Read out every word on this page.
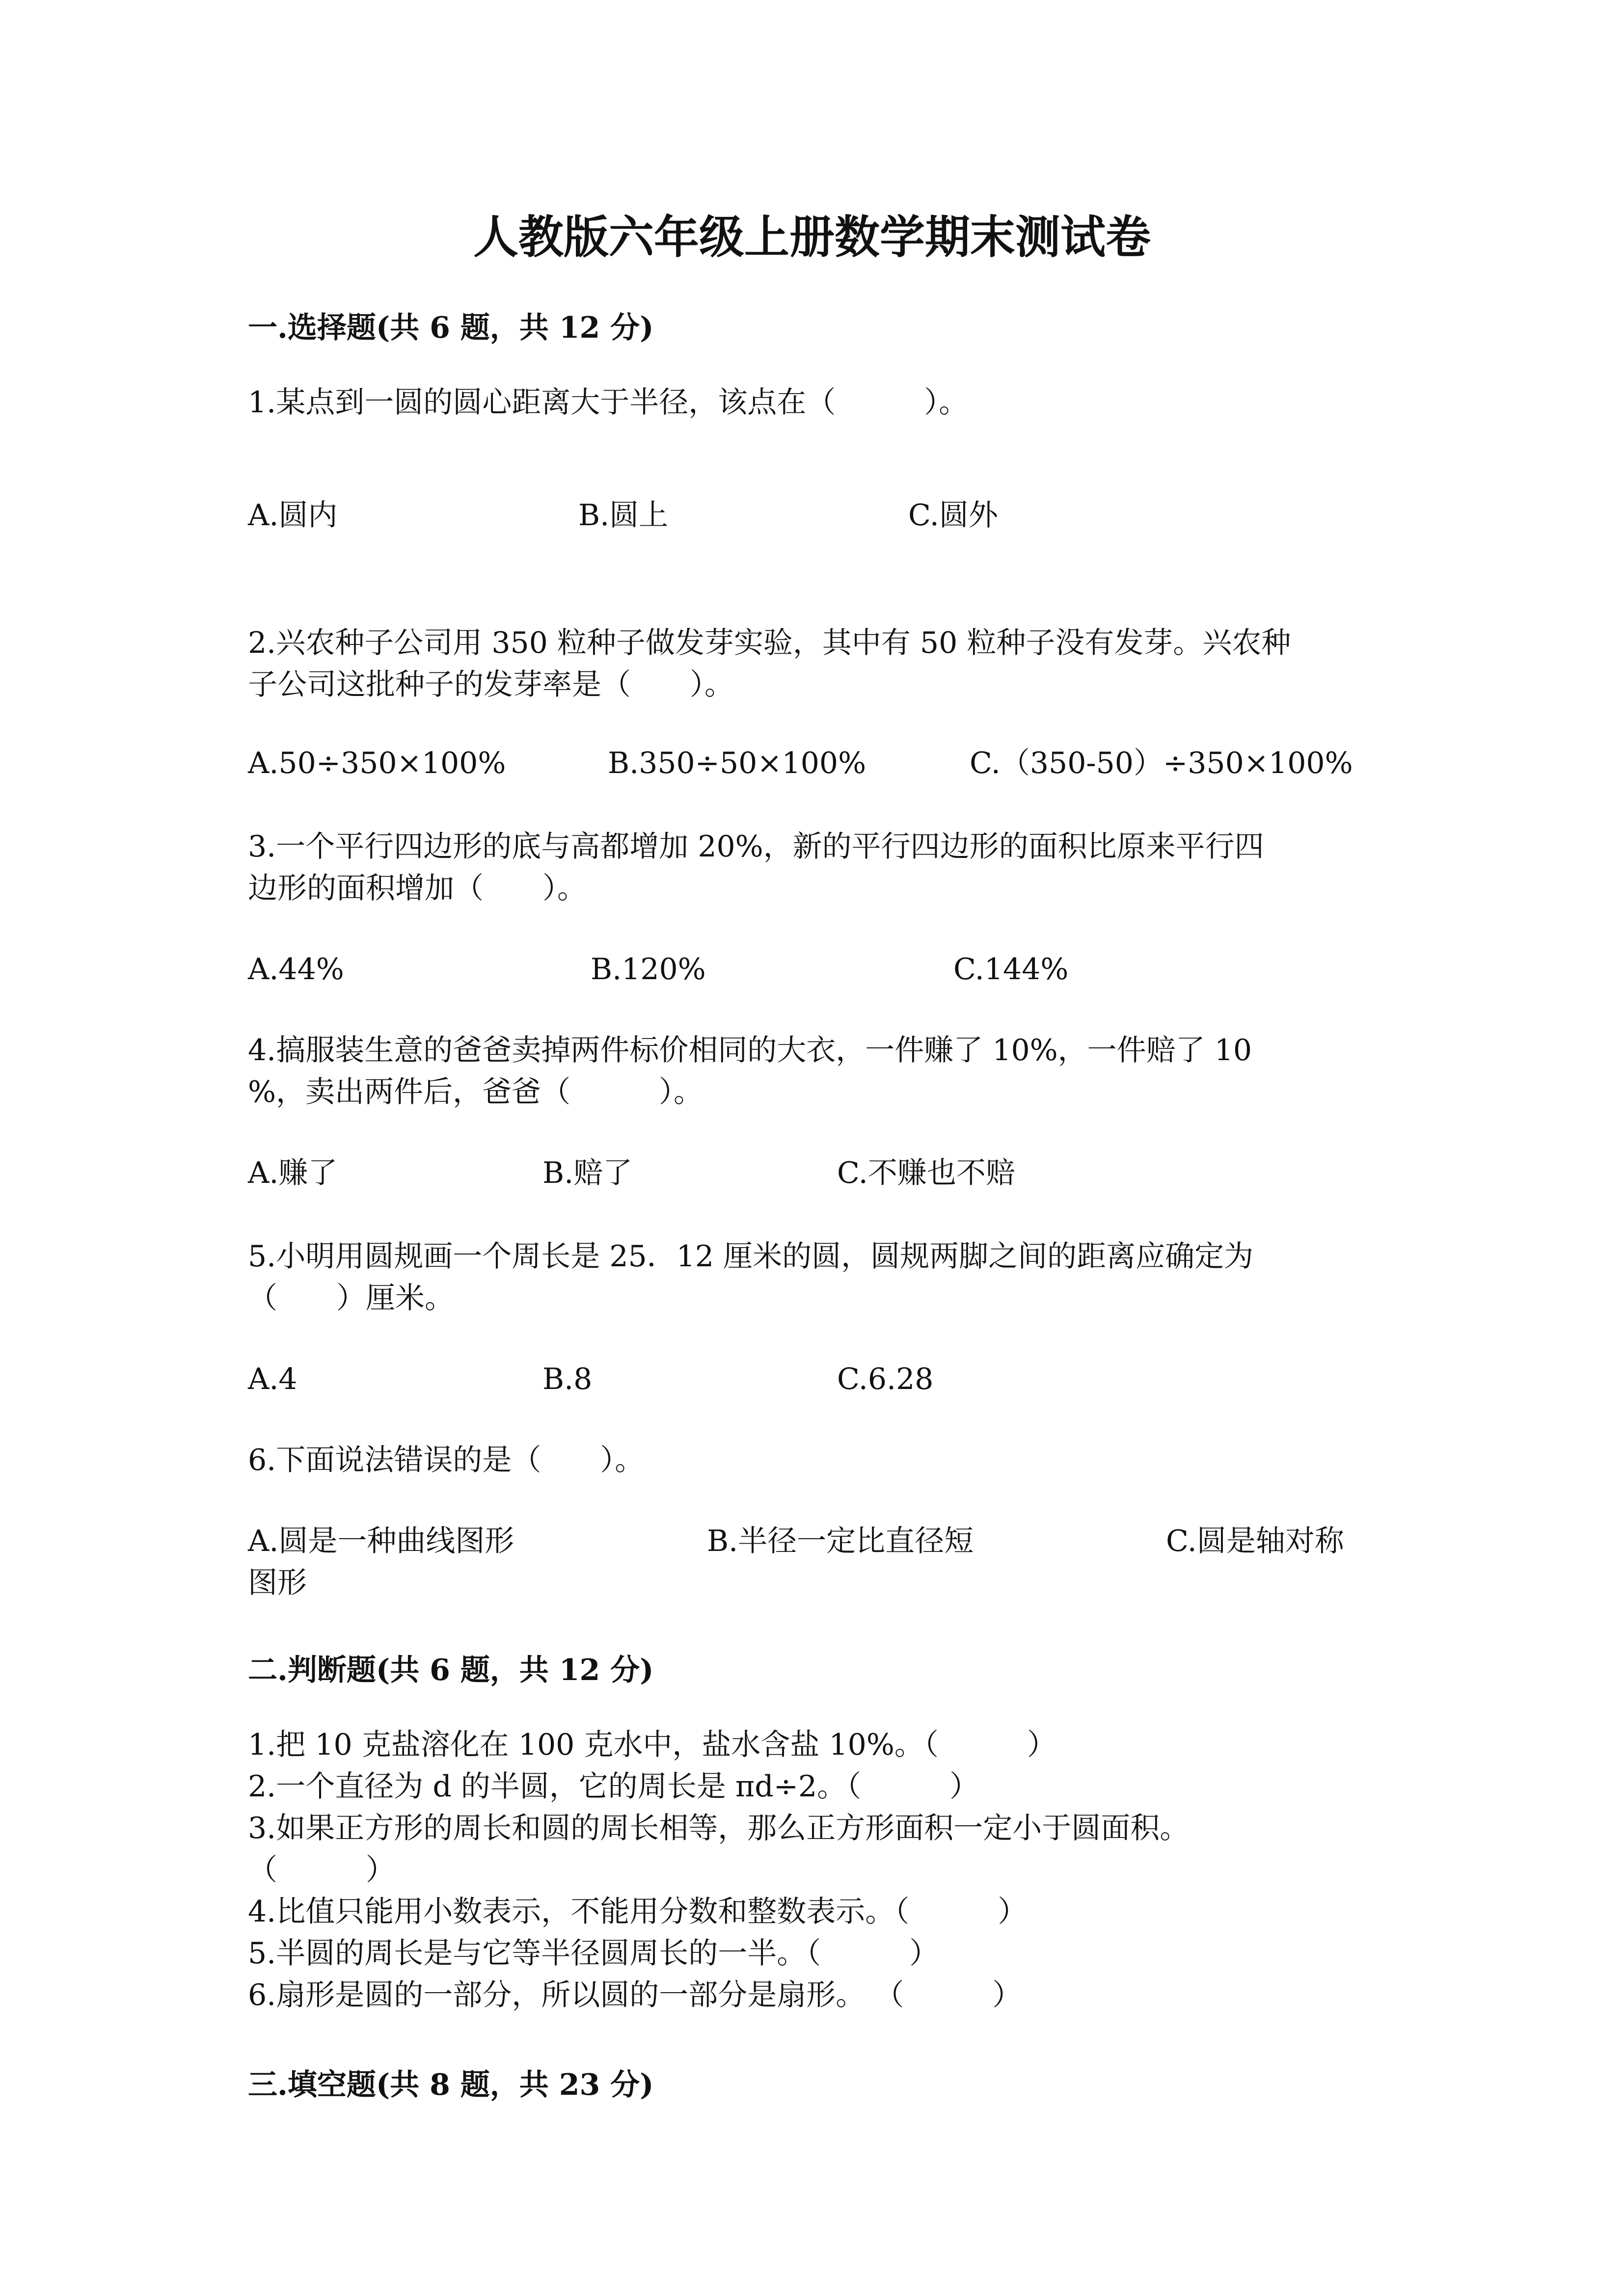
人教版六年级上册数学期末测试卷
一.选择题(共 6 题，共 12 分)
1.某点到一圆的圆心距离大于半径，该点在（　　　）。
A.圆内	B.圆上	C.圆外
2.兴农种子公司用 350 粒种子做发芽实验，其中有 50 粒种子没有发芽。兴农种
子公司这批种子的发芽率是（　　）。
A.50÷350×100%	B.350÷50×100%	C.（350-50）÷350×100%
3.一个平行四边形的底与高都增加 20%，新的平行四边形的面积比原来平行四
边形的面积增加（　　）。
A.44%	B.120%	C.144%
4.搞服装生意的爸爸卖掉两件标价相同的大衣，一件赚了 10%，一件赔了 10
%，卖出两件后，爸爸（　　　）。
A.赚了	B.赔了	C.不赚也不赔
5.小明用圆规画一个周长是 25．12 厘米的圆，圆规两脚之间的距离应确定为
（　　）厘米。
A.4	B.8	C.6.28
6.下面说法错误的是（　　）。
A.圆是一种曲线图形	B.半径一定比直径短	C.圆是轴对称
图形
二.判断题(共 6 题，共 12 分)
1.把 10 克盐溶化在 100 克水中，盐水含盐 10%。（　　　）
2.一个直径为 d 的半圆，它的周长是 πd÷2。（　　　）
3.如果正方形的周长和圆的周长相等，那么正方形面积一定小于圆面积。
（　　　）
4.比值只能用小数表示，不能用分数和整数表示。（　　　）
5.半圆的周长是与它等半径圆周长的一半。（　　　）
6.扇形是圆的一部分，所以圆的一部分是扇形。 （　　　）
三.填空题(共 8 题，共 23 分)
